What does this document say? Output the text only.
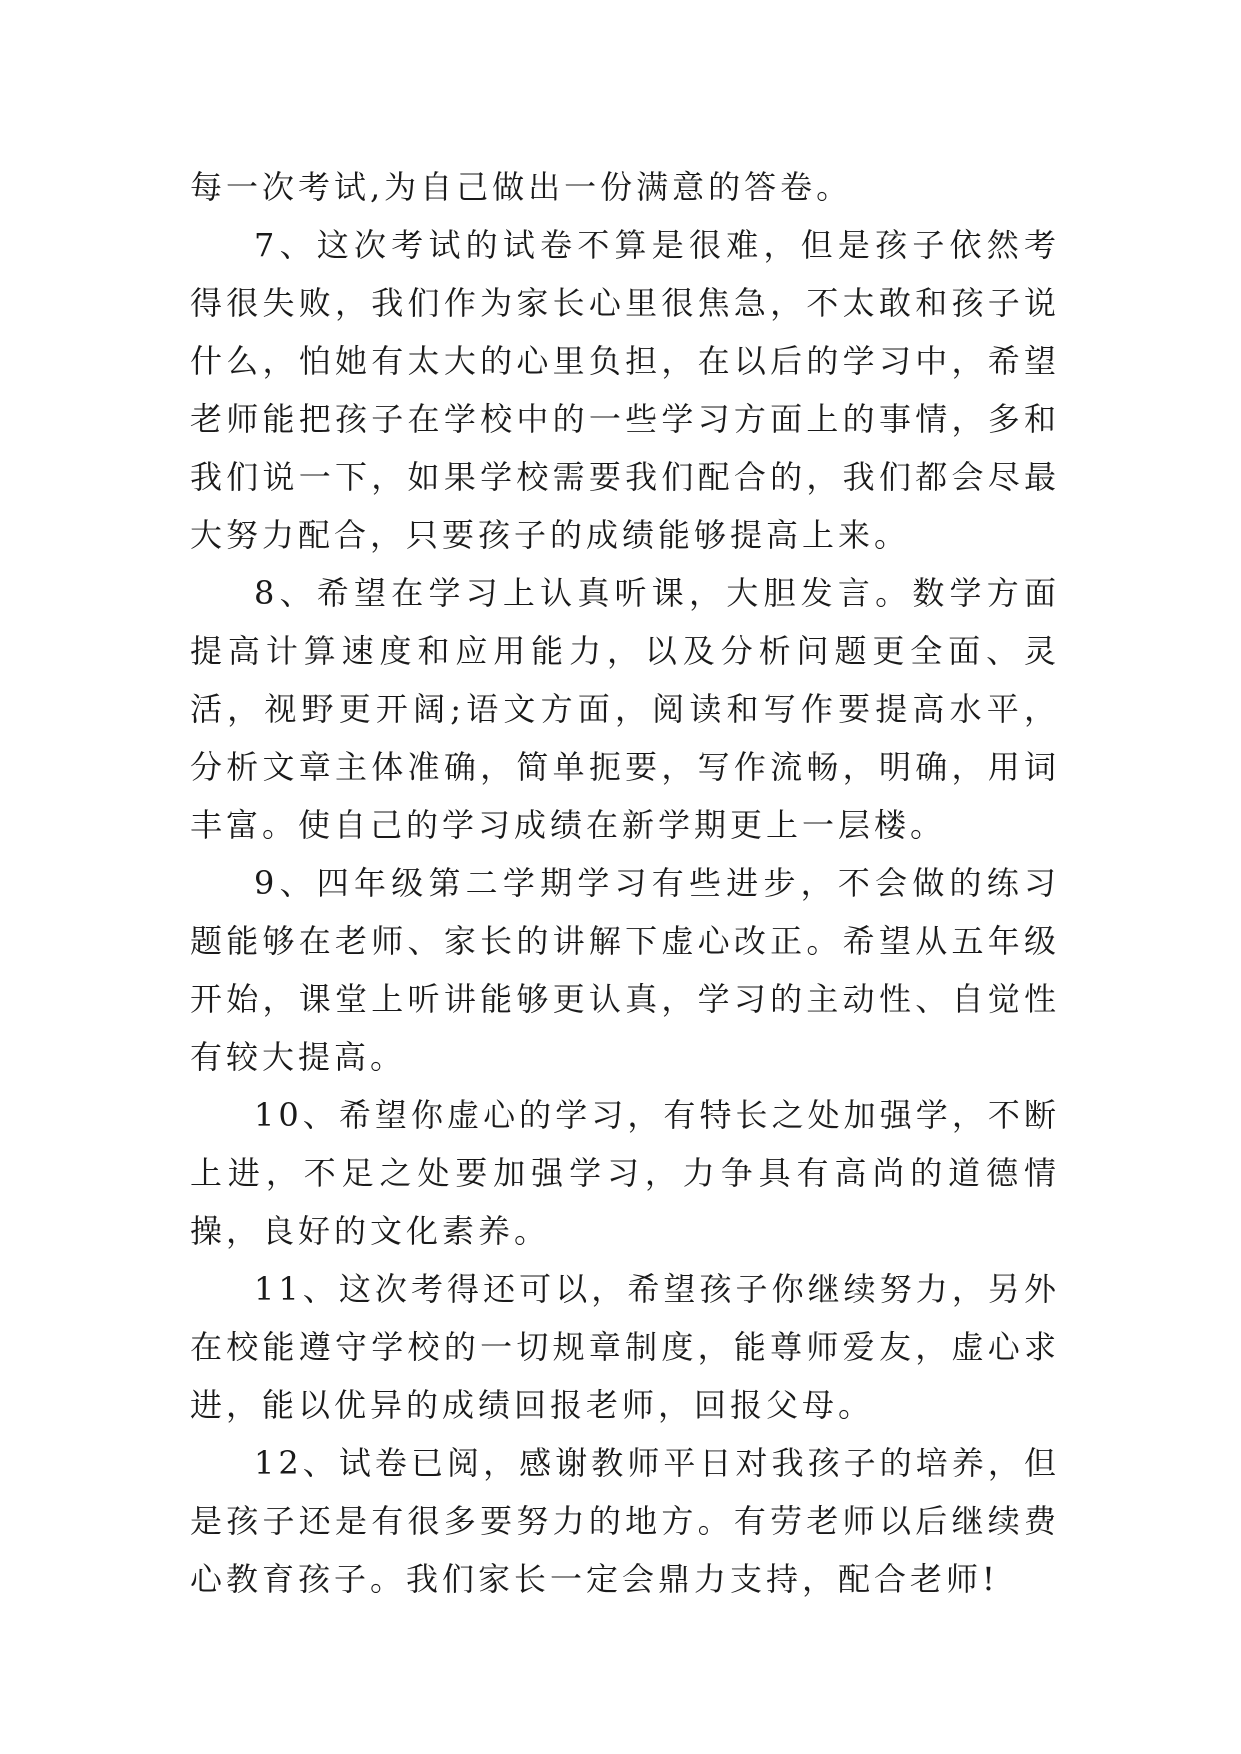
每一次考试,为自己做出一份满意的答卷。

7、这次考试的试卷不算是很难，但是孩子依然考得很失败，我们作为家长心里很焦急，不太敢和孩子说什么，怕她有太大的心里负担，在以后的学习中，希望老师能把孩子在学校中的一些学习方面上的事情，多和我们说一下，如果学校需要我们配合的，我们都会尽最大努力配合，只要孩子的成绩能够提高上来。

8、希望在学习上认真听课，大胆发言。数学方面提高计算速度和应用能力，以及分析问题更全面、灵活，视野更开阔;语文方面，阅读和写作要提高水平，分析文章主体准确，简单扼要，写作流畅，明确，用词丰富。使自己的学习成绩在新学期更上一层楼。

9、四年级第二学期学习有些进步，不会做的练习题能够在老师、家长的讲解下虚心改正。希望从五年级开始，课堂上听讲能够更认真，学习的主动性、自觉性有较大提高。

10、希望你虚心的学习，有特长之处加强学，不断上进，不足之处要加强学习，力争具有高尚的道德情操，良好的文化素养。

11、这次考得还可以，希望孩子你继续努力，另外在校能遵守学校的一切规章制度，能尊师爱友，虚心求进，能以优异的成绩回报老师，回报父母。

12、试卷已阅，感谢教师平日对我孩子的培养，但是孩子还是有很多要努力的地方。有劳老师以后继续费心教育孩子。我们家长一定会鼎力支持，配合老师!
